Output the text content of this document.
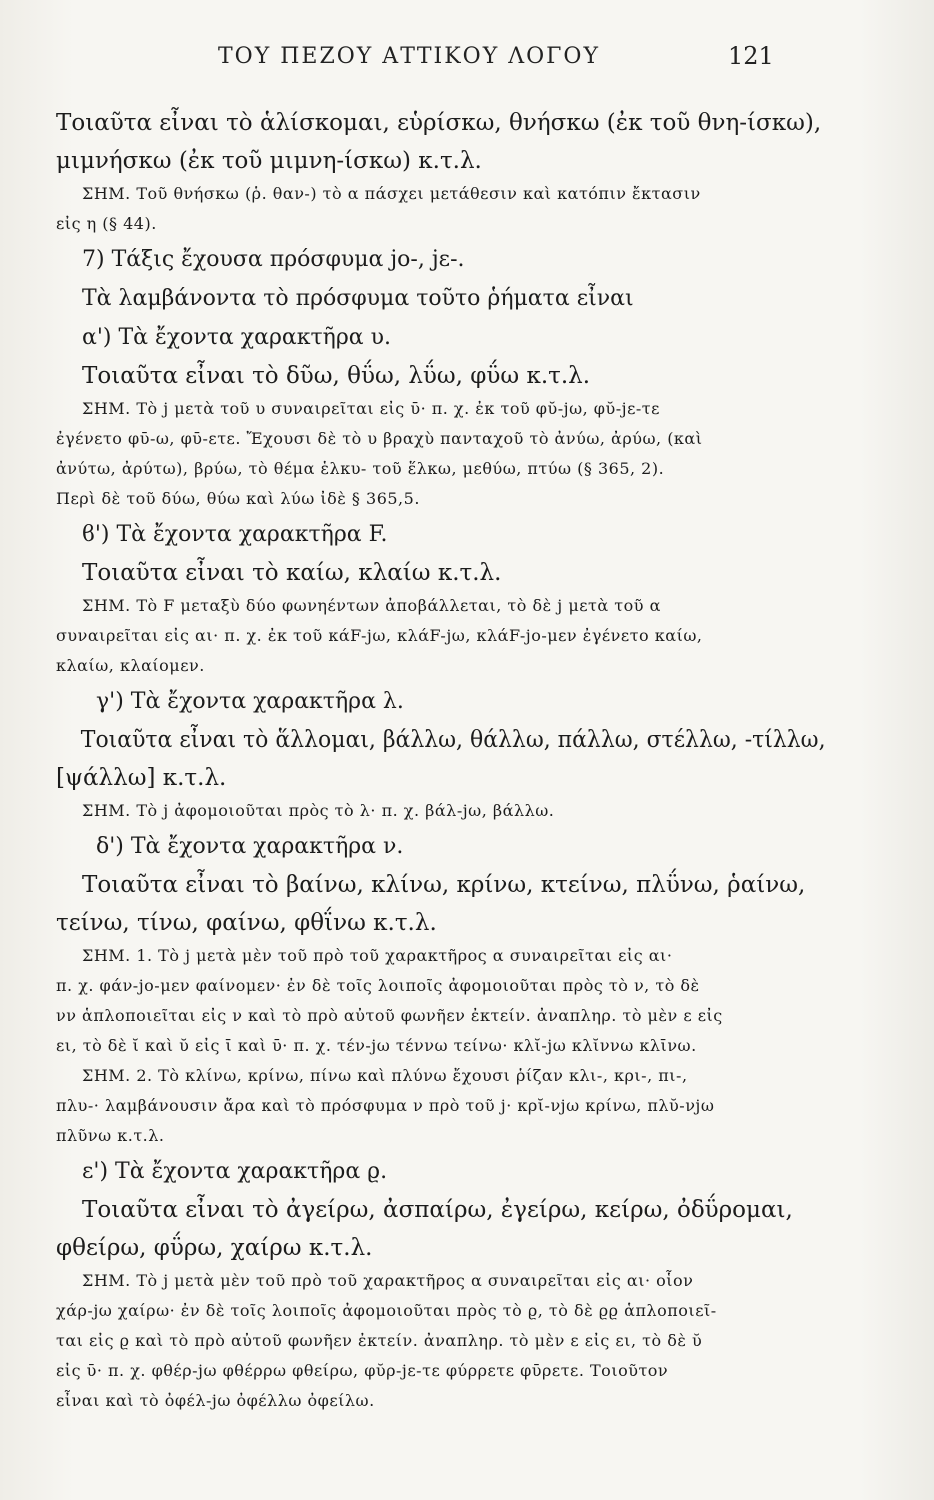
ΤΟΥ ΠΕΖΟΥ ΑΤΤΙΚΟΥ ΛΟΓΟΥ	121
Τοιαῦτα εἶναι τὸ ἁλίσκομαι, εὑρίσκω, θνήσκω (ἐκ τοῦ θνη-ίσκω),
μιμνήσκω (ἐκ τοῦ μιμνη-ίσκω) κ.τ.λ.
ΣΗΜ. Τοῦ θνήσκω (ῥ. θαν-) τὸ α πάσχει μετάθεσιν καὶ κατόπιν ἔκτασιν
εἰς η (§ 44).
7) Τάξις ἔχουσα πρόσφυμα jo-, jε-.
Τὰ λαμβάνοντα τὸ πρόσφυμα τοῦτο ῥήματα εἶναι
α') Τὰ ἔχοντα χαρακτῆρα υ.
Τοιαῦτα εἶναι τὸ δῦω, θΰω, λΰω, φΰω κ.τ.λ.
ΣΗΜ. Τὸ j μετὰ τοῦ υ συναιρεῖται εἰς ῡ· π. χ. ἐκ τοῦ φῠ-jω, φῠ-jε-τε
ἐγένετο φῡ-ω, φῡ-ετε. Ἔχουσι δὲ τὸ υ βραχὺ πανταχοῦ τὸ ἀνύω, ἀρύω, (καὶ
ἀνύτω, ἀρύτω), βρύω, τὸ θέμα ἑλκυ- τοῦ ἕλκω, μεθύω, πτύω (§ 365, 2).
Περὶ δὲ τοῦ δύω, θύω καὶ λύω ἰδὲ § 365,5.
ϐ') Τὰ ἔχοντα χαρακτῆρα F.
Τοιαῦτα εἶναι τὸ καίω, κλαίω κ.τ.λ.
ΣΗΜ. Τὸ F μεταξὺ δύο φωνηέντων ἀποβάλλεται, τὸ δὲ j μετὰ τοῦ α
συναιρεῖται εἰς αι· π. χ. ἐκ τοῦ κάF-jω, κλάF-jω, κλάF-jo-μεν ἐγένετο καίω,
κλαίω, κλαίομεν.
γ') Τὰ ἔχοντα χαρακτῆρα λ.
Τοιαῦτα εἶναι τὸ ἅλλομαι, βάλλω, θάλλω, πάλλω, στέλλω, -τίλλω,
[ψάλλω] κ.τ.λ.
ΣΗΜ. Τὸ j ἀφομοιοῦται πρὸς τὸ λ· π. χ. βάλ-jω, βάλλω.
δ') Τὰ ἔχοντα χαρακτῆρα ν.
Τοιαῦτα εἶναι τὸ βαίνω, κλίνω, κρίνω, κτείνω, πλΰνω, ῥαίνω,
τείνω, τίνω, φαίνω, φθΐνω κ.τ.λ.
ΣΗΜ. 1. Τὸ j μετὰ μὲν τοῦ πρὸ τοῦ χαρακτῆρος α συναιρεῖται εἰς αι·
π. χ. φάν-jo-μεν φαίνομεν· ἐν δὲ τοῖς λοιποῖς ἀφομοιοῦται πρὸς τὸ ν, τὸ δὲ
νν ἁπλοποιεῖται εἰς ν καὶ τὸ πρὸ αὐτοῦ φωνῆεν ἐκτείν. ἀναπληρ. τὸ μὲν ε εἰς
ει, τὸ δὲ ῐ καὶ ῠ εἰς ῑ καὶ ῡ· π. χ. τέν-jω τέννω τείνω· κλῐ-jω κλῐννω κλῑνω.
ΣΗΜ. 2. Τὸ κλίνω, κρίνω, πίνω καὶ πλύνω ἔχουσι ῥίζαν κλι-, κρι-, πι-,
πλυ-· λαμβάνουσιν ἄρα καὶ τὸ πρόσφυμα ν πρὸ τοῦ j· κρῐ-νjω κρίνω, πλῠ-νjω
πλῦνω κ.τ.λ.
ε') Τὰ ἔχοντα χαρακτῆρα ϱ.
Τοιαῦτα εἶναι τὸ ἀγείρω, ἀσπαίρω, ἐγείρω, κείρω, ὀδΰρομαι,
φθείρω, φΰρω, χαίρω κ.τ.λ.
ΣΗΜ. Τὸ j μετὰ μὲν τοῦ πρὸ τοῦ χαρακτῆρος α συναιρεῖται εἰς αι· οἷον
χάρ-jω χαίρω· ἐν δὲ τοῖς λοιποῖς ἀφομοιοῦται πρὸς τὸ ϱ, τὸ δὲ ϱϱ ἁπλοποιεῖ-
ται εἰς ϱ καὶ τὸ πρὸ αὐτοῦ φωνῆεν ἐκτείν. ἀναπληρ. τὸ μὲν ε εἰς ει, τὸ δὲ ῠ
εἰς ῡ· π. χ. φθέρ-jω φθέρρω φθείρω, φῠρ-jε-τε φύρρετε φῡρετε. Τοιοῦτον
εἶναι καὶ τὸ ὀφέλ-jω ὀφέλλω ὀφείλω.
